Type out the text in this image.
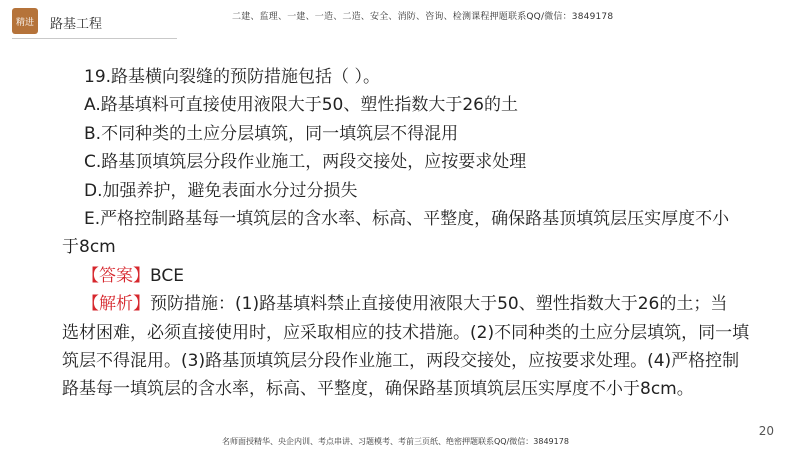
精进 路基工程	二建、监理、一建、一造、二造、安全、消防、咨询、检测课程押题联系QQ/微信：3849178
19.路基横向裂缝的预防措施包括（ ）。
A.路基填料可直接使用液限大于50、塑性指数大于26的土
B.不同种类的土应分层填筑，同一填筑层不得混用
C.路基顶填筑层分段作业施工，两段交接处，应按要求处理
D.加强养护，避免表面水分过分损失
E.严格控制路基每一填筑层的含水率、标高、平整度，确保路基顶填筑层压实厚度不小
于8cm
【答案】BCE
【解析】预防措施：(1)路基填料禁止直接使用液限大于50、塑性指数大于26的土；当
选材困难，必须直接使用时，应采取相应的技术措施。(2)不同种类的土应分层填筑，同一填
筑层不得混用。(3)路基顶填筑层分段作业施工，两段交接处，应按要求处理。(4)严格控制
路基每一填筑层的含水率，标高、平整度，确保路基顶填筑层压实厚度不小于8cm。
20
名师面授精华、央企内训、考点串讲、习题模考、考前三页纸、绝密押题联系QQ/微信：3849178
